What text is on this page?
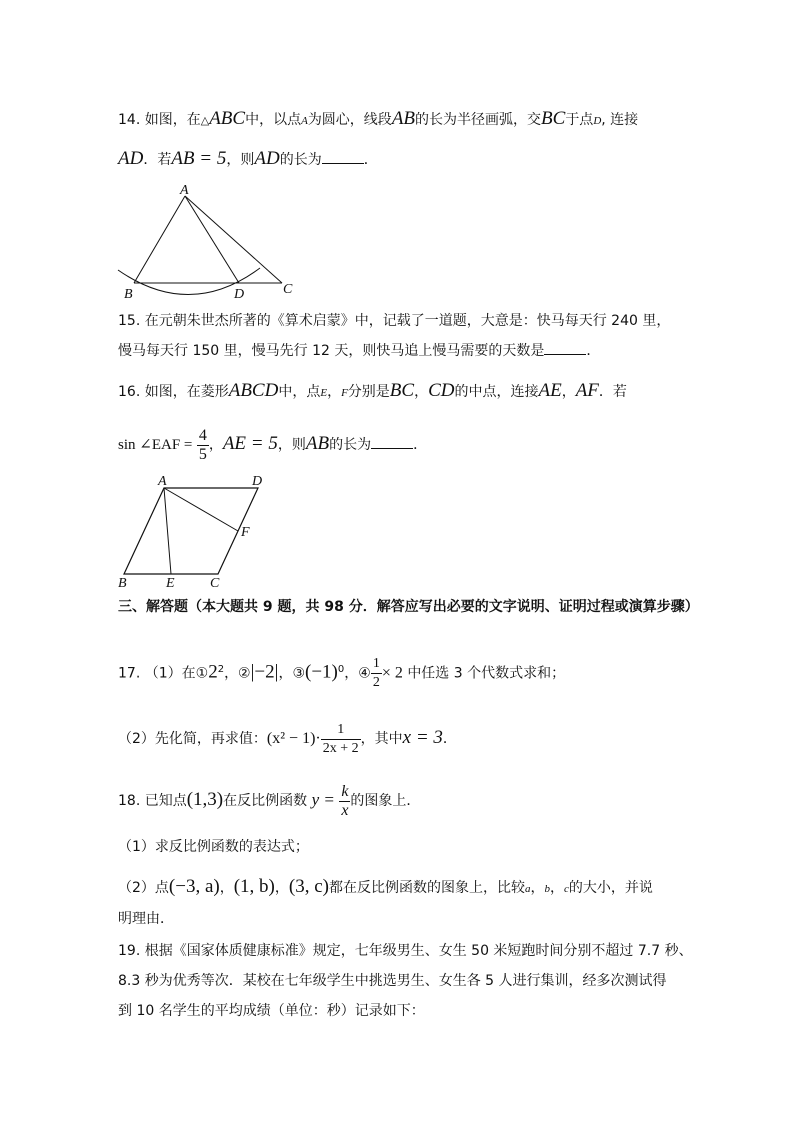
14. 如图，在△ABC中，以点A为圆心，线段AB的长为半径画弧，交BC于点D, 连接
AD．若AB = 5，则AD的长为	．
A
B	D	C
15. 在元朝朱世杰所著的《算术启蒙》中，记载了一道题，大意是：快马每天行 240 里，
慢马每天行 150 里，慢马先行 12 天，则快马追上慢马需要的天数是	．
16. 如图，在菱形ABCD中，点E，F分别是BC，CD的中点，连接AE，AF．若
sin ∠EAF = $\frac{4}{5}$ ，AE = 5，则AB的长为	．
A	D
F
B	E	C
三、解答题（本大题共 9 题，共 98 分．解答应写出必要的文字说明、证明过程或演算步骤）
17. （1）在$①2^2$，②|−2|，$③(-1)^0$，④ $\frac{1}{2} \times 2$ 中任选 3 个代数式求和；
（2）先化简，再求值：$(x^2 - 1)\cdot \frac{1}{2x + 2}$ ，其中x = 3．
18. 已知点(1,3)在反比例函数 $y = \frac{k}{x}$ 的图象上．
（1）求反比例函数的表达式；
（2）点(−3, a)，(1, b)，(3, c)都在反比例函数的图象上，比较a，b，c的大小，并说
明理由．
19. 根据《国家体质健康标准》规定，七年级男生、女生 50 米短跑时间分别不超过 7.7 秒、
8.3 秒为优秀等次．某校在七年级学生中挑选男生、女生各 5 人进行集训，经多次测试得
到 10 名学生的平均成绩（单位：秒）记录如下：
